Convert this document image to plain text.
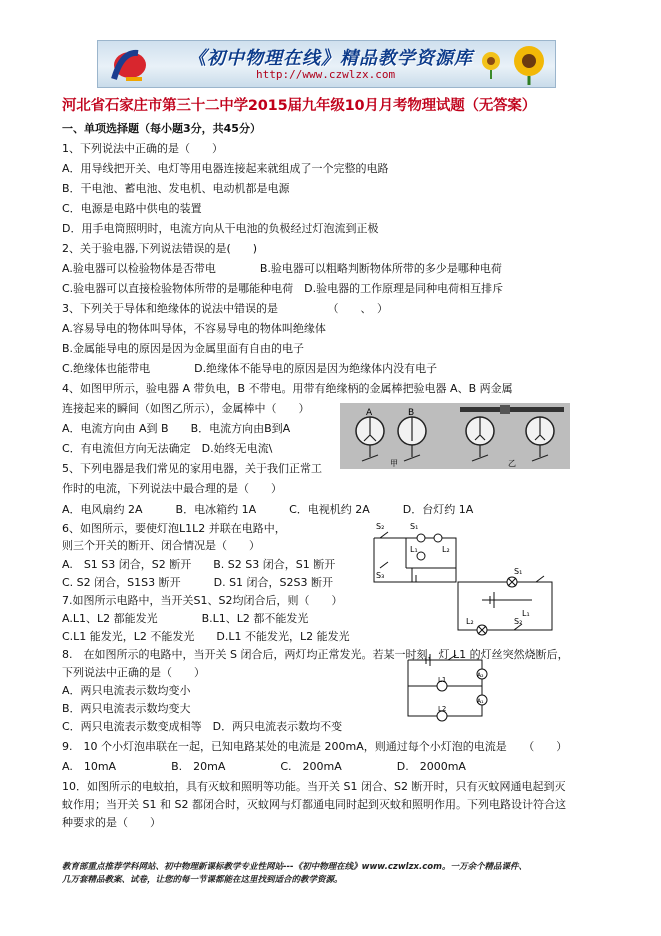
《初中物理在线》精品教学资源库
http://www.czwlzx.com
河北省石家庄市第三十二中学2015届九年级10月月考物理试题（无答案）
一、单项选择题（每小题3分，共45分）
1、下列说法中正确的是（　　）
A．用导线把开关、电灯等用电器连接起来就组成了一个完整的电路
B．干电池、蓄电池、发电机、电动机都是电源
C．电源是电路中供电的装置
D．用手电筒照明时，电流方向从干电池的负极经过灯泡流到正极
2、关于验电器,下列说法错误的是(　　)
A.验电器可以检验物体是否带电　　　　B.验电器可以粗略判断物体所带的多少是哪种电荷
C.验电器可以直接检验物体所带的是哪能种电荷　D.验电器的工作原理是同种电荷相互排斥
3、下列关于导体和绝缘体的说法中错误的是　　　　　（　　、　）
A.容易导电的物体叫导体，不容易导电的物体叫绝缘体
B.金属能导电的原因是因为金属里面有自由的电子
C.绝缘体也能带电　　　　D.绝缘体不能导电的原因是因为绝缘体内没有电子
4、如图甲所示，验电器 A 带负电，B 不带电。用带有绝缘柄的金属棒把验电器 A、B 两金属
连接起来的瞬间（如图乙所示），金属棒中（　　）
A．电流方向由 A到 B　　B．电流方向由B到A
C．有电流但方向无法确定　D.始终无电流\
5、下列电器是我们常见的家用电器，关于我们正常工
作时的电流，下列说法中最合理的是（　　）
A．电风扇约 2A　　　B．电冰箱约 1A　　　C．电视机约 2A　　　D．台灯约 1A
6、如图所示，要使灯泡L1L2 并联在电路中，
则三个开关的断开、闭合情况是（　　）
A.　S1 S3 闭合，S2 断开　　B. S2 S3 闭合，S1 断开
C. S2 闭合，S1S3 断开　　　D. S1 闭合，S2S3 断开
7.如图所示电路中，当开关S1、S2均闭合后，则（　　）
A.L1、L2 都能发光　　　　B.L1、L2 都不能发光
C.L1 能发光，L2 不能发光　　D.L1 不能发光，L2 能发光
8.　在如图所示的电路中，当开关 S 闭合后，两灯均正常发光。若某一时刻，灯 L1 的灯丝突然烧断后，
下列说法中正确的是（　　）
A．两只电流表示数均变小
B．两只电流表示数均变大
C．两只电流表示数变成相等　D．两只电流表示数均不变
9.　10 个小灯泡串联在一起，已知电路某处的电流是 200mA，则通过每个小灯泡的电流是　　（　　）
A.　10mA　　　　　B.　20mA　　　　　C.　200mA　　　　　D.　2000mA
10．如图所示的电蚊拍，具有灭蚊和照明等功能。当开关 S1 闭合、S2 断开时，只有灭蚊网通电起到灭
蚊作用；当开关 S1 和 S2 都闭合时，灭蚊网与灯都通电同时起到灭蚊和照明作用。下列电路设计符合这
种要求的是（　　）
A	B
甲	乙
S₂	S₁
L₁	L₂
S₃	S₁
L₁
L₂	S₂
L1
L2
A₂
A₁
教育部重点推荐学科网站、初中物理新课标教学专业性网站---《初中物理在线》www.czwlzx.com。一万余个精品课件、
几万套精品教案、试卷，让您的每一节课都能在这里找到适合的教学资源。
